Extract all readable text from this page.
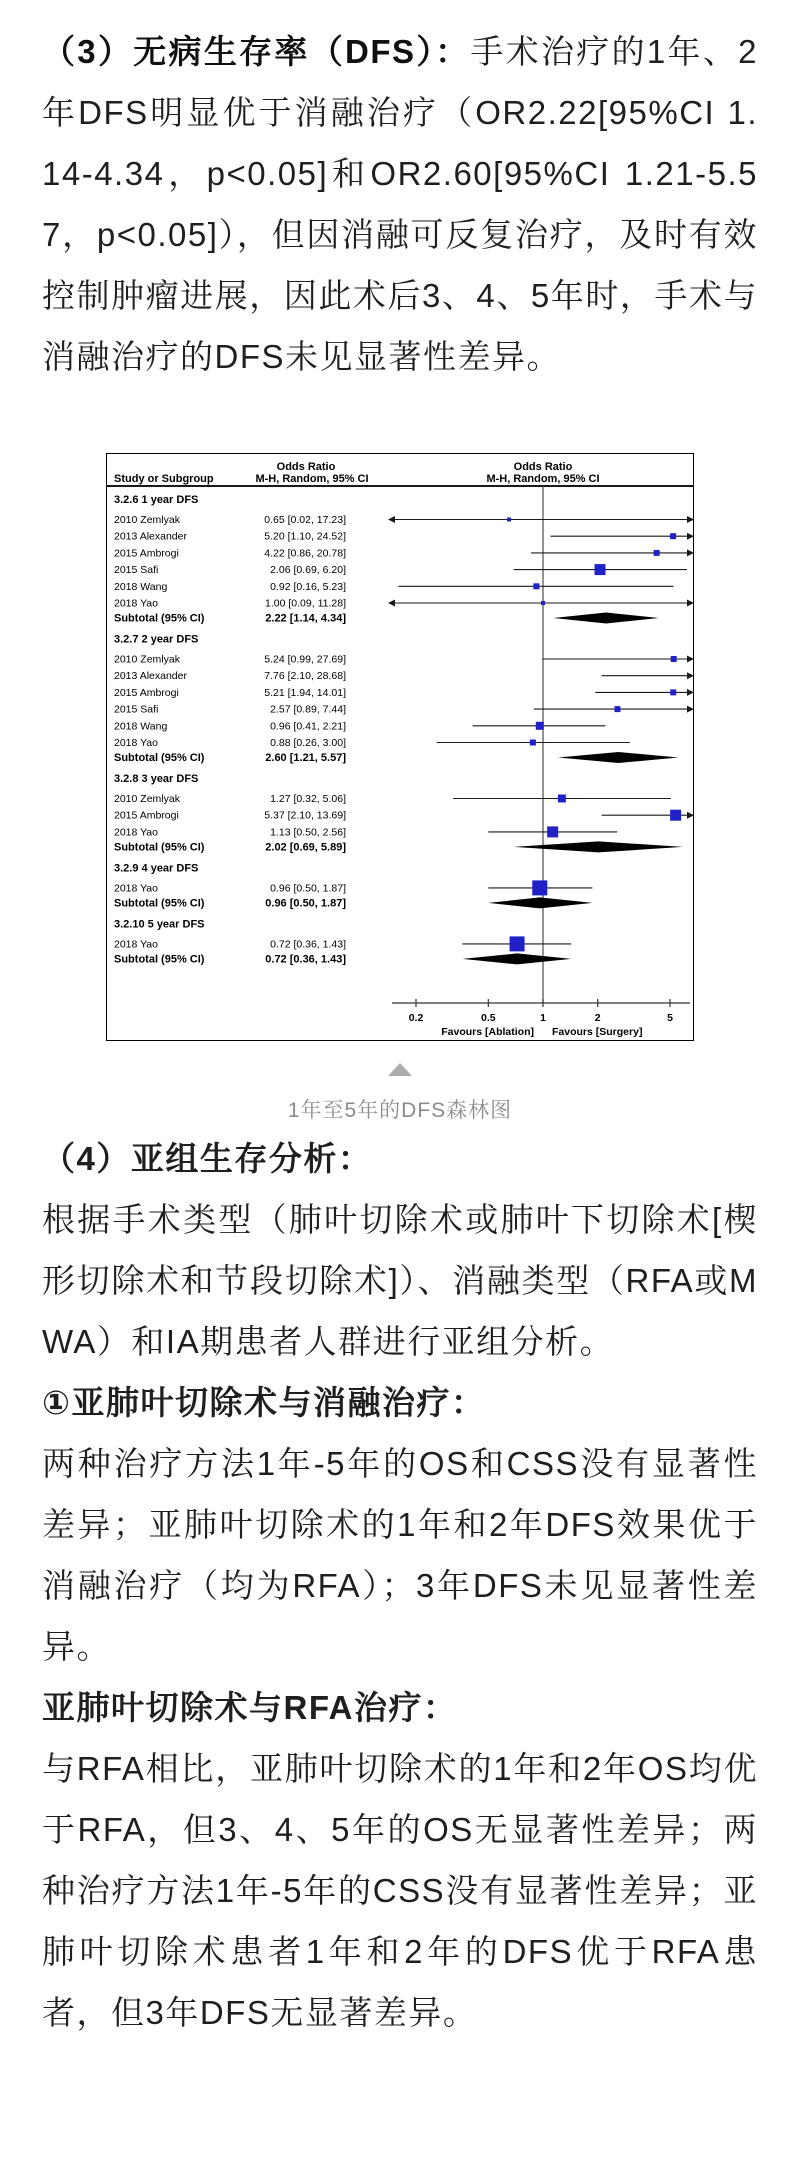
（3）无病生存率（DFS）：手术治疗的1年、2年DFS明显优于消融治疗（OR2.22[95%CI 1.14-4.34，p<0.05]和OR2.60[95%CI 1.21-5.57，p<0.05]），但因消融可反复治疗，及时有效控制肿瘤进展，因此术后3、4、5年时，手术与消融治疗的DFS未见显著性差异。

Odds Ratio	Odds Ratio
Study or Subgroup	M-H, Random, 95% CI	M-H, Random, 95% CI
3.2.6 1 year DFS
2010 Zemlyak	0.65 [0.02, 17.23]
2013 Alexander	5.20 [1.10, 24.52]
2015 Ambrogi	4.22 [0.86, 20.78]
2015 Safi	2.06 [0.69, 6.20]
2018 Wang	0.92 [0.16, 5.23]
2018 Yao	1.00 [0.09, 11.28]
Subtotal (95% CI)	2.22 [1.14, 4.34]
3.2.7 2 year DFS
2010 Zemlyak	5.24 [0.99, 27.69]
2013 Alexander	7.76 [2.10, 28.68]
2015 Ambrogi	5.21 [1.94, 14.01]
2015 Safi	2.57 [0.89, 7.44]
2018 Wang	0.96 [0.41, 2.21]
2018 Yao	0.88 [0.26, 3.00]
Subtotal (95% CI)	2.60 [1.21, 5.57]
3.2.8 3 year DFS
2010 Zemlyak	1.27 [0.32, 5.06]
2015 Ambrogi	5.37 [2.10, 13.69]
2018 Yao	1.13 [0.50, 2.56]
Subtotal (95% CI)	2.02 [0.69, 5.89]
3.2.9 4 year DFS
2018 Yao	0.96 [0.50, 1.87]
Subtotal (95% CI)	0.96 [0.50, 1.87]
3.2.10 5 year DFS
2018 Yao	0.72 [0.36, 1.43]
Subtotal (95% CI)	0.72 [0.36, 1.43]
0.2	0.5	1	2	5
Favours [Ablation] Favours [Surgery]
1年至5年的DFS森林图

（4）亚组生存分析：

根据手术类型（肺叶切除术或肺叶下切除术[楔形切除术和节段切除术]）、消融类型（RFA或MWA）和IA期患者人群进行亚组分析。

①亚肺叶切除术与消融治疗：

两种治疗方法1年-5年的OS和CSS没有显著性差异；亚肺叶切除术的1年和2年DFS效果优于消融治疗（均为RFA）；3年DFS未见显著性差异。

亚肺叶切除术与RFA治疗：

与RFA相比，亚肺叶切除术的1年和2年OS均优于RFA，但3、4、5年的OS无显著性差异；两种治疗方法1年-5年的CSS没有显著性差异；亚肺叶切除术患者1年和2年的DFS优于RFA患者，但3年DFS无显著差异。
